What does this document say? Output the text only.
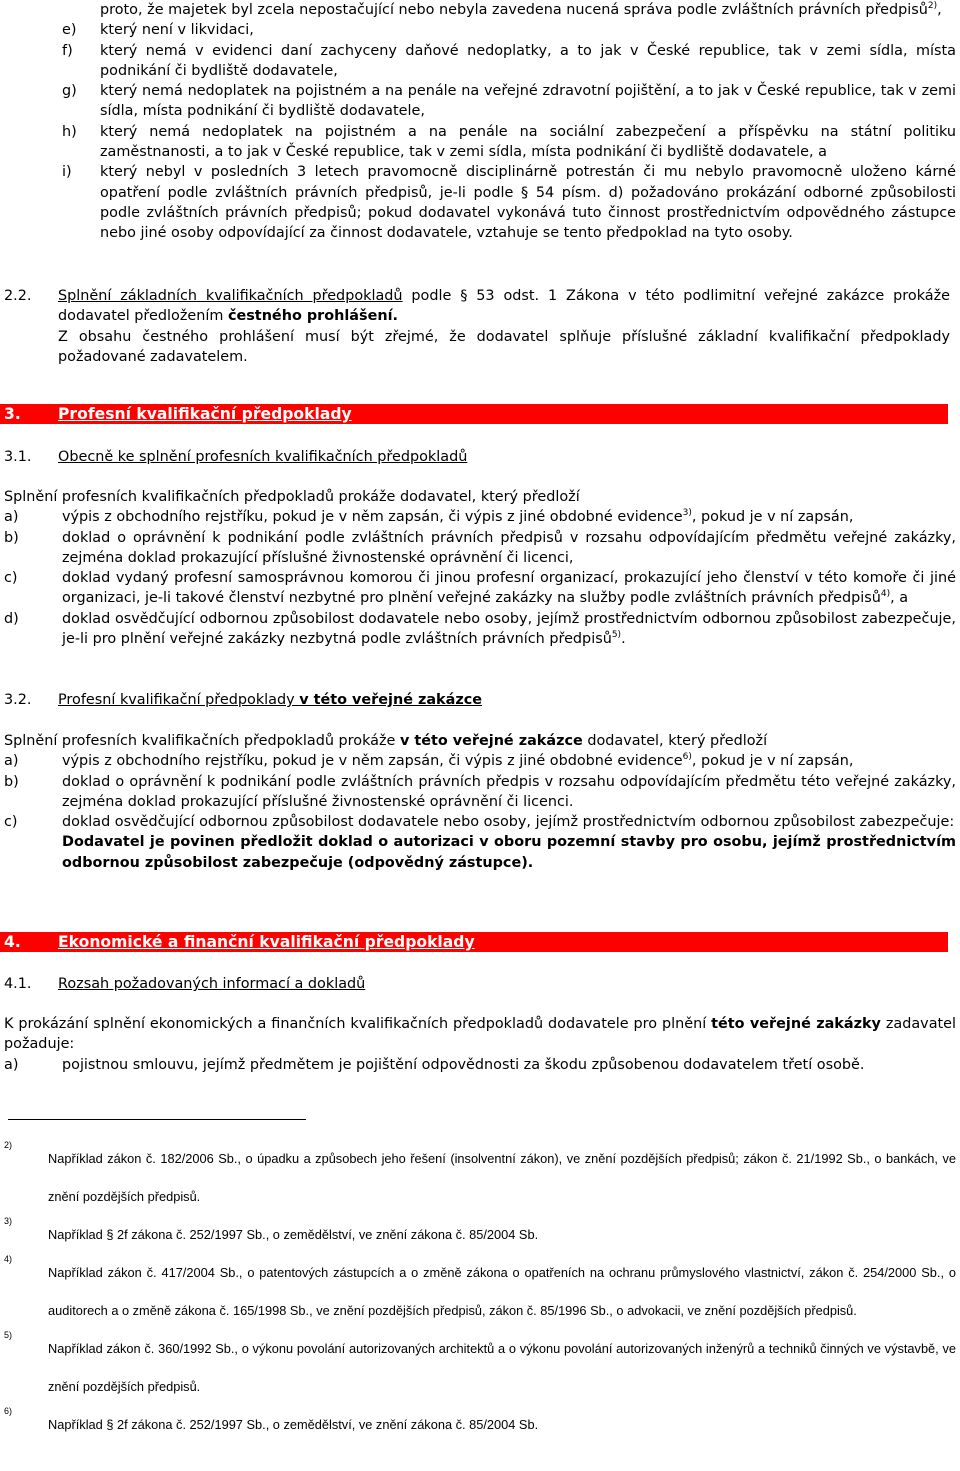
proto, že majetek byl zcela nepostačující nebo nebyla zavedena nucená správa podle zvláštních právních předpisů$^{2)}$,
e)	který není v likvidaci,
f)	který nemá v evidenci daní zachyceny daňové nedoplatky, a to jak v České republice, tak v zemi sídla, místa podnikání či bydliště dodavatele,
g)	který nemá nedoplatek na pojistném a na penále na veřejné zdravotní pojištění, a to jak v České republice, tak v zemi sídla, místa podnikání či bydliště dodavatele,
h)	který nemá nedoplatek na pojistném a na penále na sociální zabezpečení a příspěvku na státní politiku zaměstnanosti, a to jak v České republice, tak v zemi sídla, místa podnikání či bydliště dodavatele, a
i)	který nebyl v posledních 3 letech pravomocně disciplinárně potrestán či mu nebylo pravomocně uloženo kárné opatření podle zvláštních právních předpisů, je-li podle § 54 písm. d) požadováno prokázání odborné způsobilosti podle zvláštních právních předpisů; pokud dodavatel vykonává tuto činnost prostřednictvím odpovědného zástupce nebo jiné osoby odpovídající za činnost dodavatele, vztahuje se tento předpoklad na tyto osoby.
2.2.	Splnění základních kvalifikačních předpokladů podle § 53 odst. 1 Zákona v této podlimitní veřejné zakázce prokáže dodavatel předložením čestného prohlášení.
Z obsahu čestného prohlášení musí být zřejmé, že dodavatel splňuje příslušné základní kvalifikační předpoklady požadované zadavatelem.
3.	Profesní kvalifikační předpoklady
3.1.	Obecně ke splnění profesních kvalifikačních předpokladů
Splnění profesních kvalifikačních předpokladů prokáže dodavatel, který předloží
a)	výpis z obchodního rejstříku, pokud je v něm zapsán, či výpis z jiné obdobné evidence$^{3)}$, pokud je v ní zapsán,
b)	doklad o oprávnění k podnikání podle zvláštních právních předpisů v rozsahu odpovídajícím předmětu veřejné zakázky, zejména doklad prokazující příslušné živnostenské oprávnění či licenci,
c)	doklad vydaný profesní samosprávnou komorou či jinou profesní organizací, prokazující jeho členství v této komoře či jiné organizaci, je-li takové členství nezbytné pro plnění veřejné zakázky na služby podle zvláštních právních předpisů$^{4)}$, a
d)	doklad osvědčující odbornou způsobilost dodavatele nebo osoby, jejímž prostřednictvím odbornou způsobilost zabezpečuje, je-li pro plnění veřejné zakázky nezbytná podle zvláštních právních předpisů$^{5)}$.
3.2.	Profesní kvalifikační předpoklady v této veřejné zakázce
Splnění profesních kvalifikačních předpokladů prokáže v této veřejné zakázce dodavatel, který předloží
a)	výpis z obchodního rejstříku, pokud je v něm zapsán, či výpis z jiné obdobné evidence$^{6)}$, pokud je v ní zapsán,
b)	doklad o oprávnění k podnikání podle zvláštních právních předpis v rozsahu odpovídajícím předmětu této veřejné zakázky, zejména doklad prokazující příslušné živnostenské oprávnění či licenci.
c)	doklad osvědčující odbornou způsobilost dodavatele nebo osoby, jejímž prostřednictvím odbornou způsobilost zabezpečuje:
Dodavatel je povinen předložit doklad o autorizaci v oboru pozemní stavby pro osobu, jejímž prostřednictvím odbornou způsobilost zabezpečuje (odpovědný zástupce).
4.	Ekonomické a finanční kvalifikační předpoklady
4.1.	Rozsah požadovaných informací a dokladů
K prokázání splnění ekonomických a finančních kvalifikačních předpokladů dodavatele pro plnění této veřejné zakázky zadavatel požaduje:
a)	pojistnou smlouvu, jejímž předmětem je pojištění odpovědnosti za škodu způsobenou dodavatelem třetí osobě.
2)
Například zákon č. 182/2006 Sb., o úpadku a způsobech jeho řešení (insolventní zákon), ve znění pozdějších předpisů; zákon č. 21/1992 Sb., o bankách, ve znění pozdějších předpisů.
3)
Například § 2f zákona č. 252/1997 Sb., o zemědělství, ve znění zákona č. 85/2004 Sb.
4)
Například zákon č. 417/2004 Sb., o patentových zástupcích a o změně zákona o opatřeních na ochranu průmyslového vlastnictví, zákon č. 254/2000 Sb., o auditorech a o změně zákona č. 165/1998 Sb., ve znění pozdějších předpisů, zákon č. 85/1996 Sb., o advokacii, ve znění pozdějších předpisů.
5)
Například zákon č. 360/1992 Sb., o výkonu povolání autorizovaných architektů a o výkonu povolání autorizovaných inženýrů a techniků činných ve výstavbě, ve znění pozdějších předpisů.
6)
Například § 2f zákona č. 252/1997 Sb., o zemědělství, ve znění zákona č. 85/2004 Sb.
